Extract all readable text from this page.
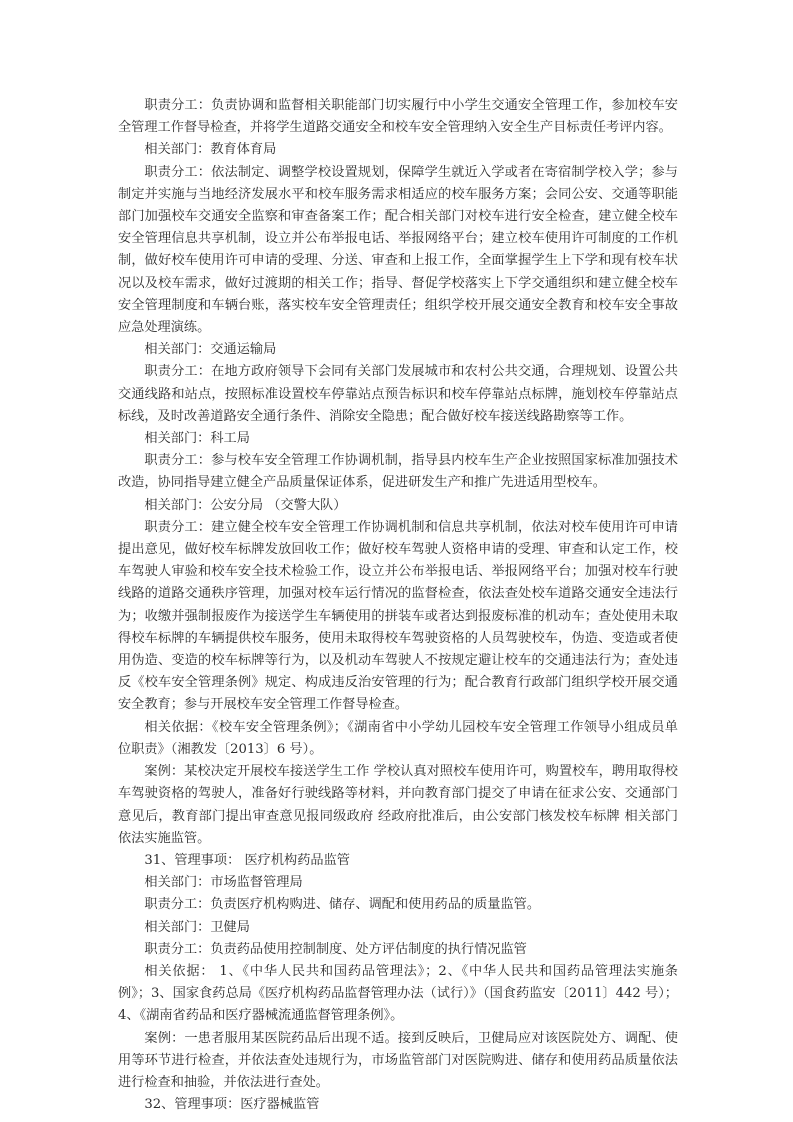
职责分工：负责协调和监督相关职能部门切实履行中小学生交通安全管理工作，参加校车安全管理工作督导检查，并将学生道路交通安全和校车安全管理纳入安全生产目标责任考评内容。

相关部门：教育体育局

职责分工：依法制定、调整学校设置规划，保障学生就近入学或者在寄宿制学校入学；参与制定并实施与当地经济发展水平和校车服务需求相适应的校车服务方案；会同公安、交通等职能部门加强校车交通安全监察和审查备案工作；配合相关部门对校车进行安全检查，建立健全校车安全管理信息共享机制，设立并公布举报电话、举报网络平台；建立校车使用许可制度的工作机制，做好校车使用许可申请的受理、分送、审查和上报工作，全面掌握学生上下学和现有校车状况以及校车需求，做好过渡期的相关工作；指导、督促学校落实上下学交通组织和建立健全校车安全管理制度和车辆台账，落实校车安全管理责任；组织学校开展交通安全教育和校车安全事故应急处理演练。

相关部门：交通运输局

职责分工：在地方政府领导下会同有关部门发展城市和农村公共交通，合理规划、设置公共交通线路和站点，按照标准设置校车停靠站点预告标识和校车停靠站点标牌，施划校车停靠站点标线，及时改善道路安全通行条件、消除安全隐患；配合做好校车接送线路勘察等工作。

相关部门：科工局

职责分工：参与校车安全管理工作协调机制，指导县内校车生产企业按照国家标准加强技术改造，协同指导建立健全产品质量保证体系，促进研发生产和推广先进适用型校车。

相关部门：公安分局 （交警大队）

职责分工：建立健全校车安全管理工作协调机制和信息共享机制，依法对校车使用许可申请提出意见，做好校车标牌发放回收工作；做好校车驾驶人资格申请的受理、审查和认定工作，校车驾驶人审验和校车安全技术检验工作，设立并公布举报电话、举报网络平台；加强对校车行驶线路的道路交通秩序管理，加强对校车运行情况的监督检查，依法查处校车道路交通安全违法行为；收缴并强制报废作为接送学生车辆使用的拼装车或者达到报废标准的机动车；查处使用未取得校车标牌的车辆提供校车服务，使用未取得校车驾驶资格的人员驾驶校车，伪造、变造或者使用伪造、变造的校车标牌等行为，以及机动车驾驶人不按规定避让校车的交通违法行为；查处违反《校车安全管理条例》规定、构成违反治安管理的行为；配合教育行政部门组织学校开展交通安全教育；参与开展校车安全管理工作督导检查。

相关依据：《校车安全管理条例》；《湖南省中小学幼儿园校车安全管理工作领导小组成员单位职责》（湘教发〔2013〕6 号）。

案例：某校决定开展校车接送学生工作 学校认真对照校车使用许可，购置校车，聘用取得校车驾驶资格的驾驶人，准备好行驶线路等材料，并向教育部门提交了申请在征求公安、交通部门意见后，教育部门提出审查意见报同级政府 经政府批准后，由公安部门核发校车标牌 相关部门依法实施监管。

31、管理事项： 医疗机构药品监管

相关部门：市场监督管理局

职责分工：负责医疗机构购进、储存、调配和使用药品的质量监管。

相关部门：卫健局

职责分工：负责药品使用控制制度、处方评估制度的执行情况监管

相关依据： 1、《中华人民共和国药品管理法》；2、《中华人民共和国药品管理法实施条例》；3、国家食药总局《医疗机构药品监督管理办法（试行）》（国食药监安〔2011〕442 号）；4、《湖南省药品和医疗器械流通监督管理条例》。

案例：一患者服用某医院药品后出现不适。接到反映后，卫健局应对该医院处方、调配、使用等环节进行检查，并依法查处违规行为，市场监管部门对医院购进、储存和使用药品质量依法进行检查和抽验，并依法进行查处。

32、管理事项：医疗器械监管
